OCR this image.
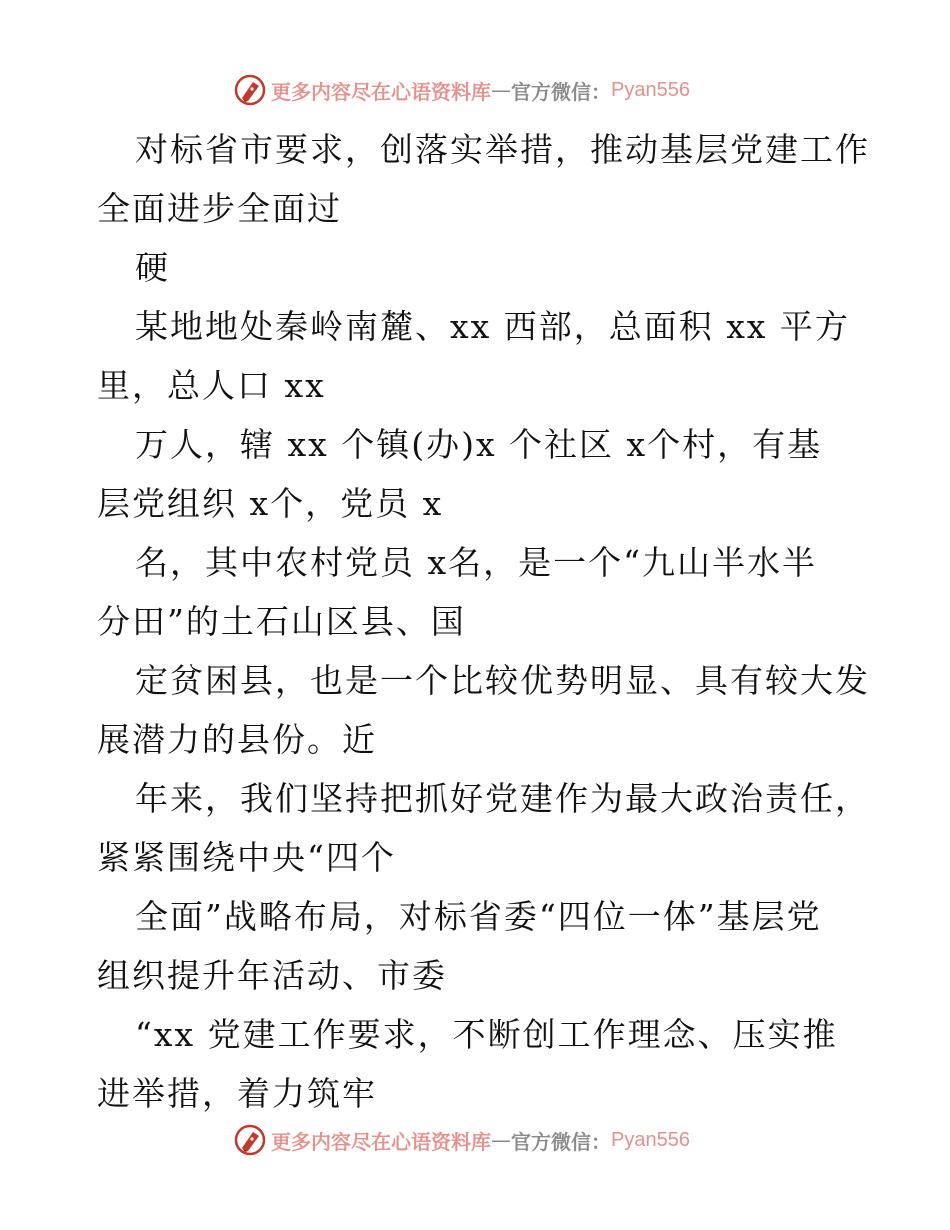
更多内容尽在心语资料库 — 官方微信： Pyan556
对标省市要求，创落实举措，推动基层党建工作
全面进步全面过
硬
某地地处秦岭南麓、xx 西部，总面积 xx 平方
里，总人口 xx
万人，辖 xx 个镇(办)x 个社区 x个村，有基
层党组织 x个，党员 x
名，其中农村党员 x名，是一个“九山半水半
分田”的土石山区县、国
定贫困县，也是一个比较优势明显、具有较大发
展潜力的县份。近
年来，我们坚持把抓好党建作为最大政治责任，
紧紧围绕中央“四个
全面”战略布局，对标省委“四位一体”基层党
组织提升年活动、市委
“xx 党建工作要求，不断创工作理念、压实推
进举措，着力筑牢
更多内容尽在心语资料库 — 官方微信： Pyan556
